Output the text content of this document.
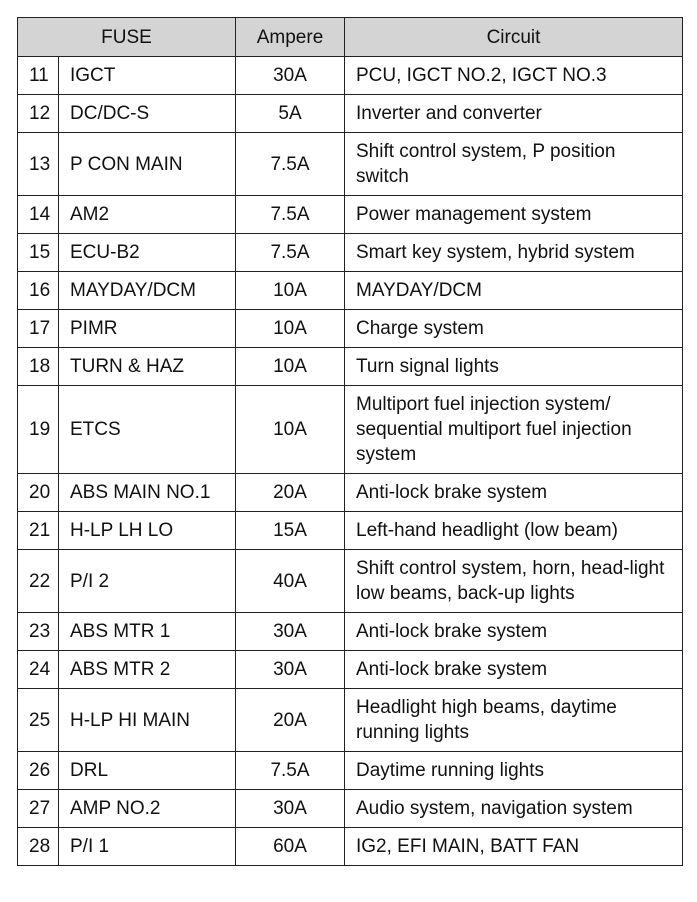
FUSE		Ampere	Circuit
11	IGCT	30A	PCU, IGCT NO.2, IGCT NO.3
12	DC/DC-S	5A	Inverter and converter
13	P CON MAIN	7.5A	Shift control system, P position switch
14	AM2	7.5A	Power management system
15	ECU-B2	7.5A	Smart key system, hybrid system
16	MAYDAY/DCM	10A	MAYDAY/DCM
17	PIMR	10A	Charge system
18	TURN & HAZ	10A	Turn signal lights
19	ETCS	10A	Multiport fuel injection system/ sequential multiport fuel injection system
20	ABS MAIN NO.1	20A	Anti-lock brake system
21	H-LP LH LO	15A	Left-hand headlight (low beam)
22	P/I 2	40A	Shift control system, horn, head-light low beams, back-up lights
23	ABS MTR 1	30A	Anti-lock brake system
24	ABS MTR 2	30A	Anti-lock brake system
25	H-LP HI MAIN	20A	Headlight high beams, daytime running lights
26	DRL	7.5A	Daytime running lights
27	AMP NO.2	30A	Audio system, navigation system
28	P/I 1	60A	IG2, EFI MAIN, BATT FAN
